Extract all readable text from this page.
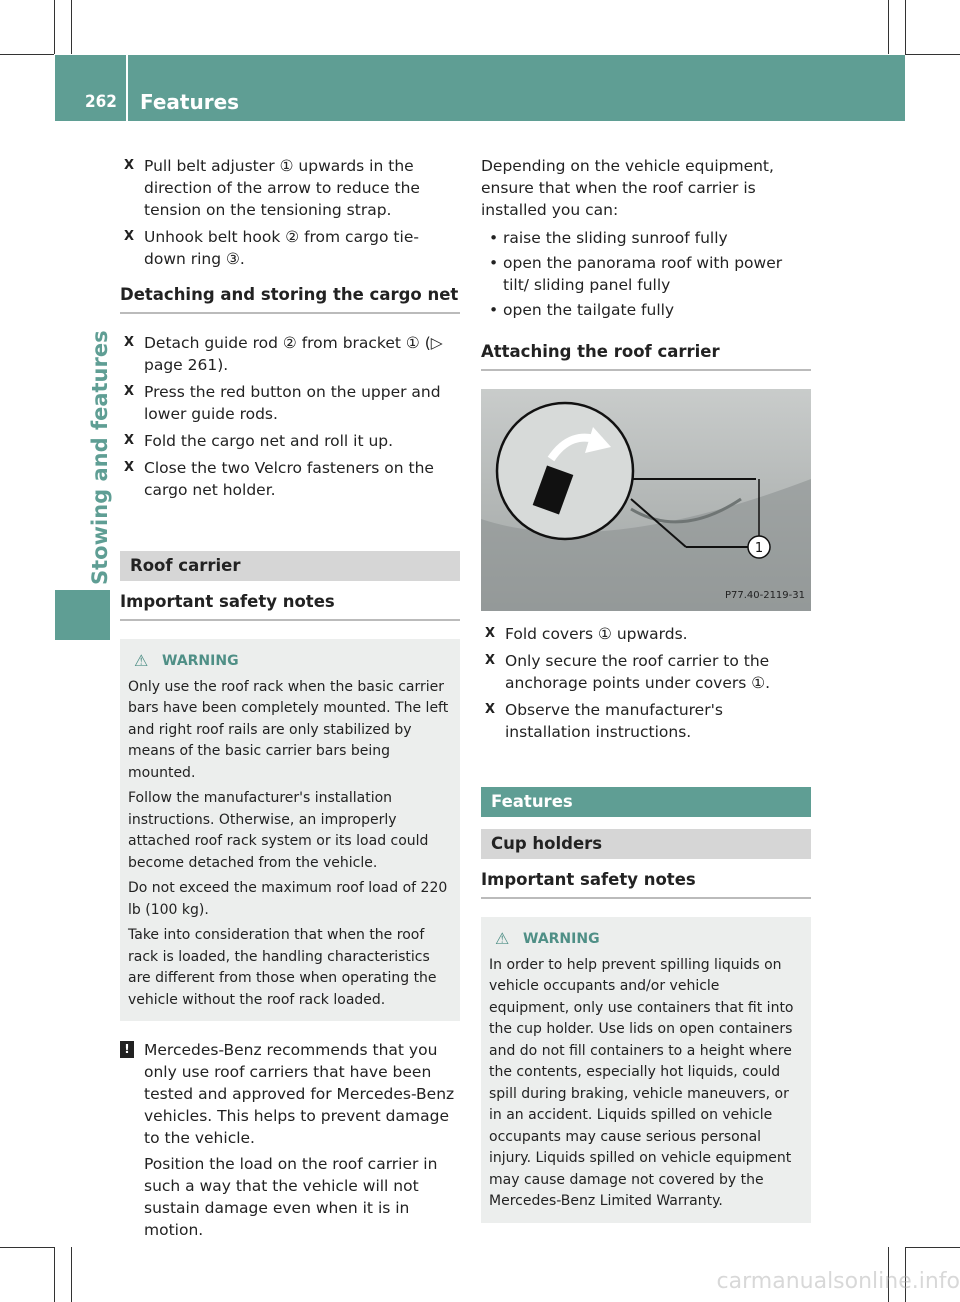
262 Features
Stowing and features
X Pull belt adjuster ① upwards in the direction of the arrow to reduce the tension on the tensioning strap.
X Unhook belt hook ② from cargo tie-down ring ③.
Detaching and storing the cargo net
X Detach guide rod ② from bracket ① (▷ page 261).
X Press the red button on the upper and lower guide rods.
X Fold the cargo net and roll it up.
X Close the two Velcro fasteners on the cargo net holder.
Roof carrier
Important safety notes
⚠ WARNING

Only use the roof rack when the basic carrier bars have been completely mounted. The left and right roof rails are only stabilized by means of the basic carrier bars being mounted.

Follow the manufacturer's installation instructions. Otherwise, an improperly attached roof rack system or its load could become detached from the vehicle.

Do not exceed the maximum roof load of 220 lb (100 kg).

Take into consideration that when the roof rack is loaded, the handling characteristics are different from those when operating the vehicle without the roof rack loaded.

! Mercedes-Benz recommends that you only use roof carriers that have been tested and approved for Mercedes-Benz vehicles. This helps to prevent damage to the vehicle.

Position the load on the roof carrier in such a way that the vehicle will not sustain damage even when it is in motion.

Depending on the vehicle equipment, ensure that when the roof carrier is installed you can:

• raise the sliding sunroof fully
• open the panorama roof with power tilt/ sliding panel fully
• open the tailgate fully
Attaching the roof carrier
1
P77.40-2119-31
X Fold covers ① upwards.
X Only secure the roof carrier to the anchorage points under covers ①.
X Observe the manufacturer's installation instructions.
Features
Cup holders
Important safety notes
⚠ WARNING

In order to help prevent spilling liquids on vehicle occupants and/or vehicle equipment, only use containers that fit into the cup holder. Use lids on open containers and do not fill containers to a height where the contents, especially hot liquids, could spill during braking, vehicle maneuvers, or in an accident. Liquids spilled on vehicle occupants may cause serious personal injury. Liquids spilled on vehicle equipment may cause damage not covered by the Mercedes-Benz Limited Warranty.

carmanualsonline.info
